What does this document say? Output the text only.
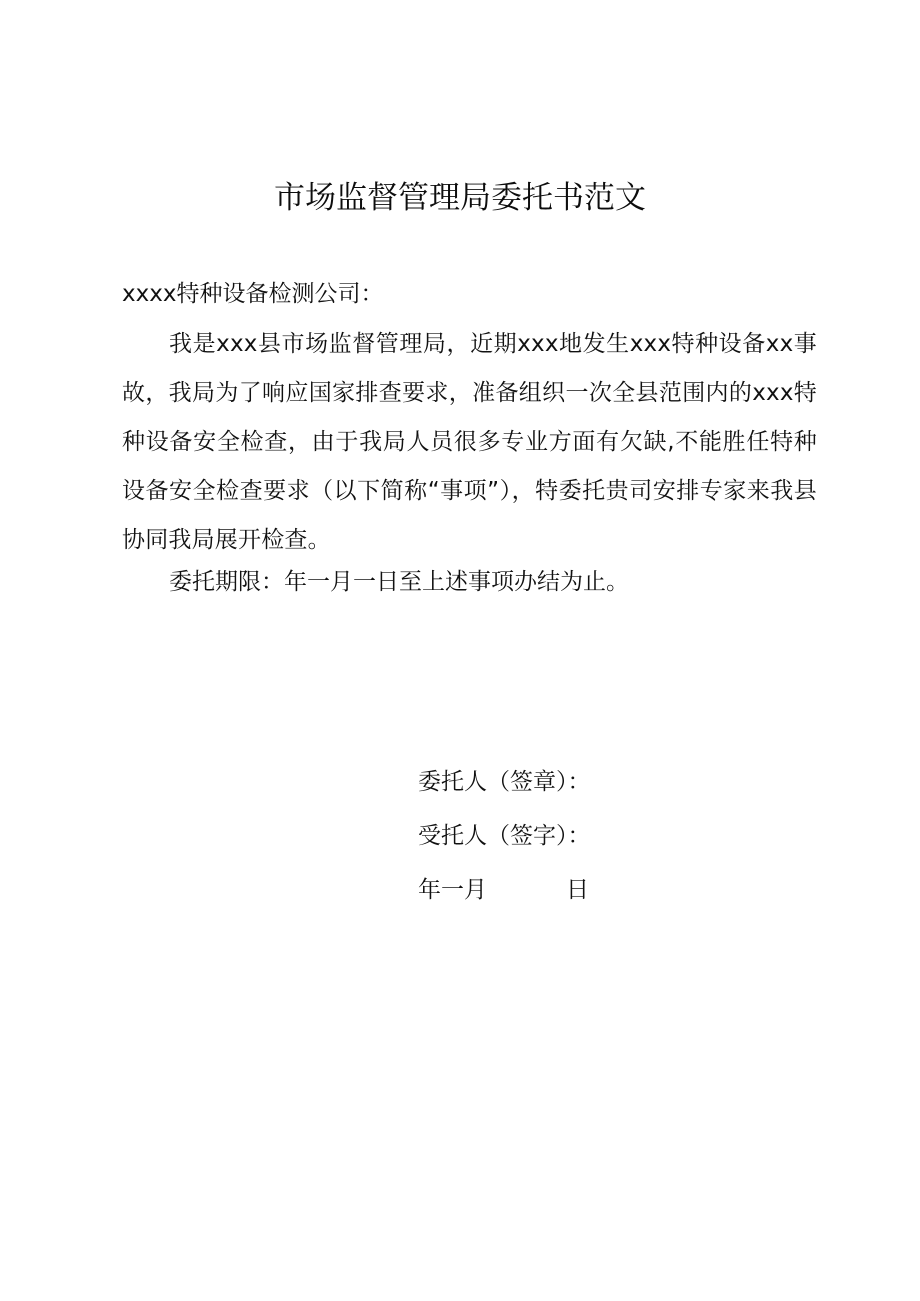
市场监督管理局委托书范文
xxxx特种设备检测公司：
我是xxx县市场监督管理局，近期xxx地发生xxx特种设备xx事故，我局为了响应国家排查要求，准备组织一次全县范围内的xxx特种设备安全检查，由于我局人员很多专业方面有欠缺,不能胜任特种设备安全检查要求（以下简称“事项”），特委托贵司安排专家来我县协同我局展开检查。
委托期限：年一月一日至上述事项办结为止。
委托人（签章）：
受托人（签字）：
年一月	日
